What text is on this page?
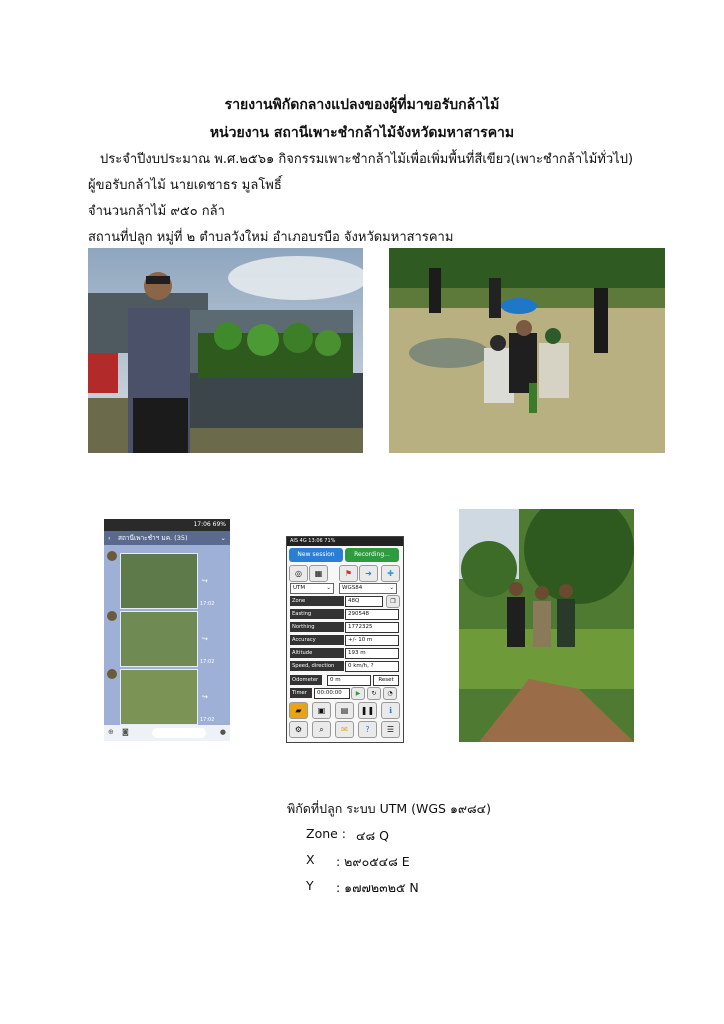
รายงานพิกัดกลางแปลงของผู้ที่มาขอรับกล้าไม้
หน่วยงาน สถานีเพาะชำกล้าไม้จังหวัดมหาสารคาม
ประจำปีงบประมาณ พ.ศ.๒๕๖๑ กิจกรรมเพาะชำกล้าไม้เพื่อเพิ่มพื้นที่สีเขียว(เพาะชำกล้าไม้ทั่วไป)
ผู้ขอรับกล้าไม้ นายเดชาธร มูลโพธิ์
จำนวนกล้าไม้ ๙๕๐ กล้า
สถานที่ปลูก หมู่ที่ ๒ ตำบลวังใหม่ อำเภอบรบือ จังหวัดมหาสารคาม
17:06 69%
‹ สถานีเพาะชำฯ มค. (35)	⌄
↪
17:02
↪
17:02
↪
17:02
⊕ ◙	●
AIS 4G 13:06 71%
New session	Recording...
◎	▦	⚑	➜	✚
UTM	⌄	WGS84	⌄
Zone	48Q	❐
Easting	290548
Northing	1772325
Accuracy	+/- 10 m
Altitude	193 m
Speed, direction	0 km/h, ?
Odometer	0 m	Reset
Timer	00:00:00	▶	↻	◔
▰	▣	▤	❚❚	ℹ
⚙	⌕	✉	?	☰
พิกัดที่ปลูก ระบบ UTM (WGS ๑๙๘๔)
Zone : ๔๘ Q
X : ๒๙๐๕๔๘ E
Y : ๑๗๗๒๓๒๕ N
